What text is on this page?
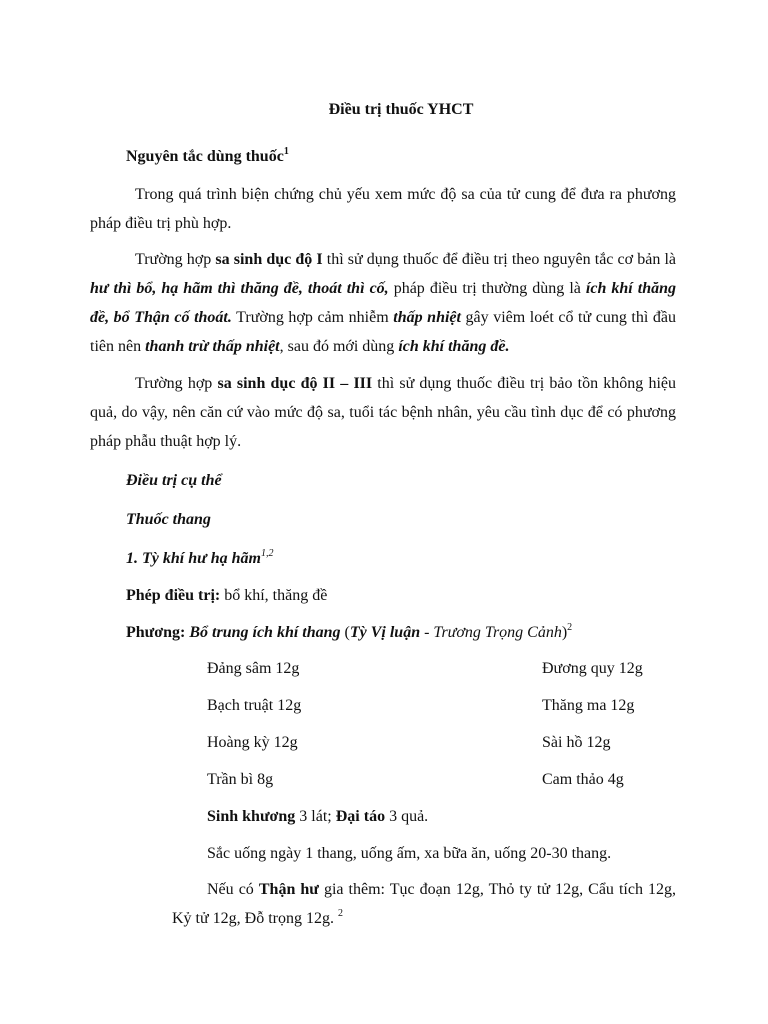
Điều trị thuốc YHCT
Nguyên tắc dùng thuốc$^1$
Trong quá trình biện chứng chủ yếu xem mức độ sa của tử cung để đưa ra phương pháp điều trị phù hợp.
Trường hợp sa sinh dục độ I thì sử dụng thuốc để điều trị theo nguyên tắc cơ bản là hư thì bổ, hạ hãm thì thăng đề, thoát thì cố, pháp điều trị thường dùng là ích khí thăng đề, bổ Thận cố thoát. Trường hợp cảm nhiễm thấp nhiệt gây viêm loét cổ tử cung thì đầu tiên nên thanh trừ thấp nhiệt, sau đó mới dùng ích khí thăng đề.
Trường hợp sa sinh dục độ II – III thì sử dụng thuốc điều trị bảo tồn không hiệu quả, do vậy, nên căn cứ vào mức độ sa, tuổi tác bệnh nhân, yêu cầu tình dục để có phương pháp phẫu thuật hợp lý.
Điều trị cụ thể
Thuốc thang
1. Tỳ khí hư hạ hãm$^{1,2}$
Phép điều trị: bổ khí, thăng đề
Phương: Bổ trung ích khí thang (Tỳ Vị luận - Trương Trọng Cảnh)$^2$
Đảng sâm 12g	Đương quy 12g
Bạch truật 12g	Thăng ma 12g
Hoàng kỳ 12g	Sài hồ 12g
Trần bì 8g	Cam thảo 4g
Sinh khương 3 lát; Đại táo 3 quả.
Sắc uống ngày 1 thang, uống ấm, xa bữa ăn, uống 20-30 thang.
Nếu có Thận hư gia thêm: Tục đoạn 12g, Thỏ ty tử 12g, Cẩu tích 12g, Kỷ tử 12g, Đỗ trọng 12g. $^2$
